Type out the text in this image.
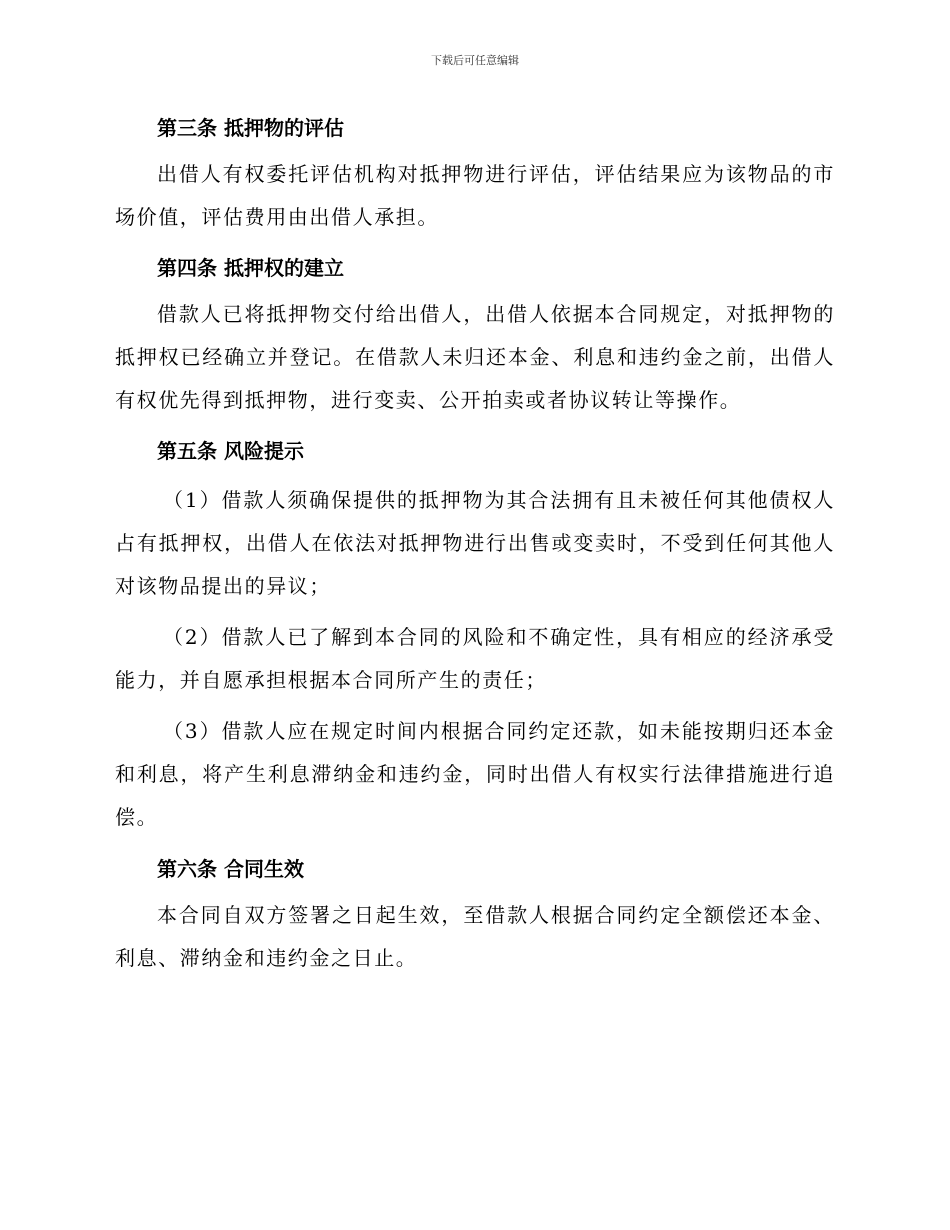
下载后可任意编辑
第三条 抵押物的评估

出借人有权委托评估机构对抵押物进行评估，评估结果应为该物品的市场价值，评估费用由出借人承担。

第四条 抵押权的建立

借款人已将抵押物交付给出借人，出借人依据本合同规定，对抵押物的抵押权已经确立并登记。在借款人未归还本金、利息和违约金之前，出借人有权优先得到抵押物，进行变卖、公开拍卖或者协议转让等操作。

第五条 风险提示

（1）借款人须确保提供的抵押物为其合法拥有且未被任何其他债权人占有抵押权，出借人在依法对抵押物进行出售或变卖时，不受到任何其他人对该物品提出的异议；

（2）借款人已了解到本合同的风险和不确定性，具有相应的经济承受能力，并自愿承担根据本合同所产生的责任；

（3）借款人应在规定时间内根据合同约定还款，如未能按期归还本金和利息，将产生利息滞纳金和违约金，同时出借人有权实行法律措施进行追偿。

第六条 合同生效

本合同自双方签署之日起生效，至借款人根据合同约定全额偿还本金、利息、滞纳金和违约金之日止。
